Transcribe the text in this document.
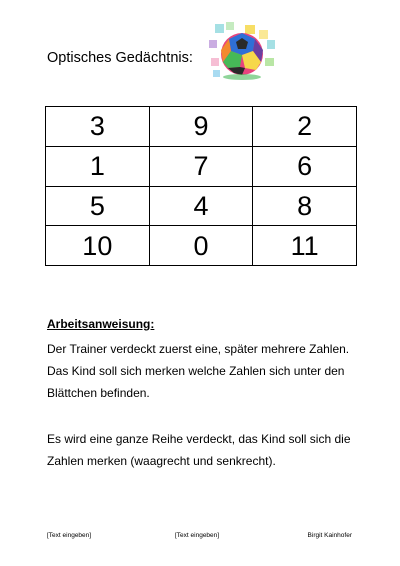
Optisches Gedächtnis:
3	9	2
1	7	6
5	4	8
10	0	11
Arbeitsanweisung:

Der Trainer verdeckt zuerst eine, später mehrere Zahlen. Das Kind soll sich merken welche Zahlen sich unter den Blättchen befinden.

Es wird eine ganze Reihe verdeckt, das Kind soll sich die Zahlen merken (waagrecht und senkrecht).

[Text eingeben]	[Text eingeben]	Birgit Kainhofer
